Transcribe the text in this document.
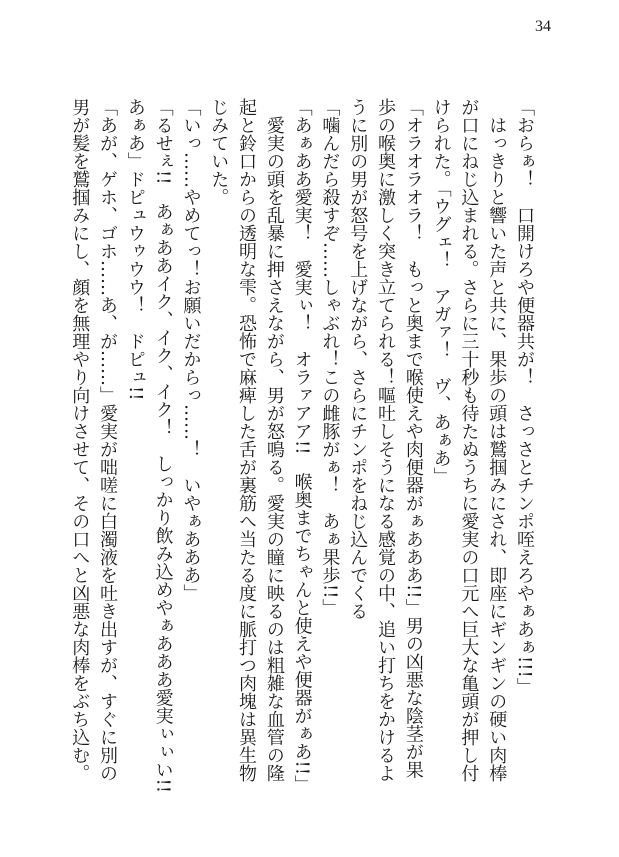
34
「おらぁ！　口開けろや便器共が！　さっさとチンポ咥えろやぁあぁ!!!」
　はっきりと響いた声と共に、果歩の頭は鷲掴みにされ、即座にギンギンの硬い肉棒
が口にねじ込まれる。さらに三十秒も待たぬうちに愛実の口元へ巨大な亀頭が押し付
けられた。「ウグェ！　アガァ！　ヴ、あぁあ」
「オラオラオラ！　もっと奥まで喉使えや肉便器がぁあああ!!」男の凶悪な陰茎が果
歩の喉奥に激しく突き立てられる！嘔吐しそうになる感覚の中、追い打ちをかけるよ
うに別の男が怒号を上げながら、さらにチンポをねじ込んでくる
「噛んだら殺すぞ……しゃぶれ！この雌豚がぁ！　あぁ果歩!!」
「あぁああ愛実！　愛実ぃ！　オラァアア!!　喉奥までちゃんと使えや便器がぁあ!!」
　愛実の頭を乱暴に押さえながら、男が怒鳴る。愛実の瞳に映るのは粗雑な血管の隆
起と鈴口からの透明な雫。恐怖で麻痺した舌が裏筋へ当たる度に脈打つ肉塊は異生物
じみていた。
「いっ……やめてっ！お願いだからっ……！　いやぁあああ」
「るせぇ!!　あぁああイク、イク、イク！　しっかり飲み込めやぁあああ愛実ぃぃい!!
あぁあ」ドピュウゥウウ！　ドピュ!!
「あが、ゲホ、ゴホ……あ、が……」愛実が咄嗟に白濁液を吐き出すが、すぐに別の
男が髪を鷲掴みにし、顔を無理やり向けさせて、その口へと凶悪な肉棒をぶち込む。
